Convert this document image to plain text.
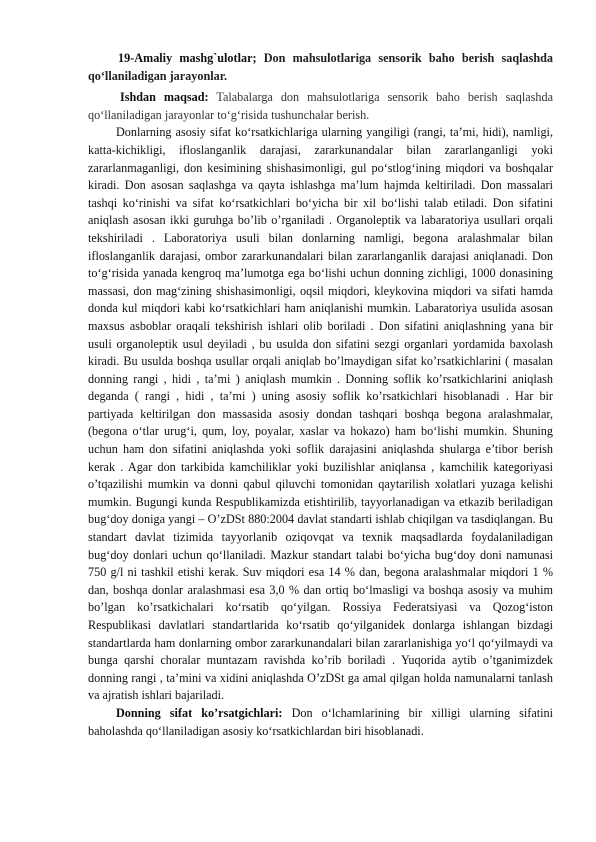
19-Amaliy mashg`ulotlar; Don mahsulotlariga sensorik baho berish saqlashda qo‘llaniladigan jarayonlar.

Ishdan maqsad: Talabalarga don mahsulotlariga sensorik baho berish saqlashda qo‘llaniladigan jarayonlar to‘g‘risida tushunchalar berish.

Donlarning asosiy sifat ko‘rsatkichlariga ularning yangiligi (rangi, ta’mi, hidi), namligi, katta-kichikligi, ifloslanganlik darajasi, zararkunandalar bilan zararlanganligi yoki zararlanmaganligi, don kesimining shishasimonligi, gul po‘stlog‘ining miqdori va boshqalar kiradi. Don asosan saqlashga va qayta ishlashga ma’lum hajmda keltiriladi. Don massalari tashqi ko‘rinishi va sifat ko‘rsatkichlari bo‘yicha bir xil bo‘lishi talab etiladi. Don sifatini aniqlash asosan ikki guruhga bo’lib o’rganiladi . Organoleptik va labaratoriya usullari orqali tekshiriladi . Laboratoriya usuli bilan donlarning namligi, begona aralashmalar bilan ifloslanganlik darajasi, ombor zararkunandalari bilan zararlanganlik darajasi aniqlanadi. Don to‘g‘risida yanada kengroq ma’lumotga ega bo‘lishi uchun donning zichligi, 1000 donasining massasi, don mag‘zining shishasimonligi, oqsil miqdori, kleykovina miqdori va sifati hamda donda kul miqdori kabi ko‘rsatkichlari ham aniqlanishi mumkin. Labaratoriya usulida asosan maxsus asboblar oraqali tekshirish ishlari olib boriladi . Don sifatini aniqlashning yana bir usuli organoleptik usul deyiladi , bu usulda don sifatini sezgi organlari yordamida baxolash kiradi. Bu usulda boshqa usullar orqali aniqlab bo’lmaydigan sifat ko’rsatkichlarini ( masalan donning rangi , hidi , ta’mi ) aniqlash mumkin . Donning soflik ko’rsatkichlarini aniqlash deganda ( rangi , hidi , ta’mi ) uning asosiy soflik ko’rsatkichlari hisoblanadi . Har bir partiyada keltirilgan don massasida asosiy dondan tashqari boshqa begona aralashmalar, (begona o‘tlar urug‘i, qum, loy, poyalar, xaslar va hokazo) ham bo‘lishi mumkin. Shuning uchun ham don sifatini aniqlashda yoki soflik darajasini aniqlashda shularga e’tibor berish kerak . Agar don tarkibida kamchiliklar yoki buzilishlar aniqlansa , kamchilik kategoriyasi o’tqazilishi mumkin va donni qabul qiluvchi tomonidan qaytarilish xolatlari yuzaga kelishi mumkin. Bugungi kunda Respublikamizda etishtirilib, tayyorlanadigan va etkazib beriladigan bug‘doy doniga yangi – O’zDSt 880:2004 davlat standarti ishlab chiqilgan va tasdiqlangan. Bu standart davlat tizimida tayyorlanib oziqovqat va texnik maqsadlarda foydalaniladigan bug‘doy donlari uchun qo‘llaniladi. Mazkur standart talabi bo‘yicha bug‘doy doni namunasi 750 g/l ni tashkil etishi kerak. Suv miqdori esa 14 % dan, begona aralashmalar miqdori 1 % dan, boshqa donlar aralashmasi esa 3,0 % dan ortiq bo‘lmasligi va boshqa asosiy va muhim bo’lgan ko’rsatkichalari ko‘rsatib qo‘yilgan. Rossiya Federatsiyasi va Qozog‘iston Respublikasi davlatlari standartlarida ko‘rsatib qo‘yilganidek donlarga ishlangan bizdagi standartlarda ham donlarning ombor zararkunandalari bilan zararlanishiga yo‘l qo‘yilmaydi va bunga qarshi choralar muntazam ravishda ko’rib boriladi . Yuqorida aytib o’tganimizdek donning rangi , ta’mini va xidini aniqlashda O’zDSt ga amal qilgan holda namunalarni tanlash va ajratish ishlari bajariladi.

Donning sifat ko’rsatgichlari: Don o‘lchamlarining bir xilligi ularning sifatini baholashda qo‘llaniladigan asosiy ko‘rsatkichlardan biri hisoblanadi.
